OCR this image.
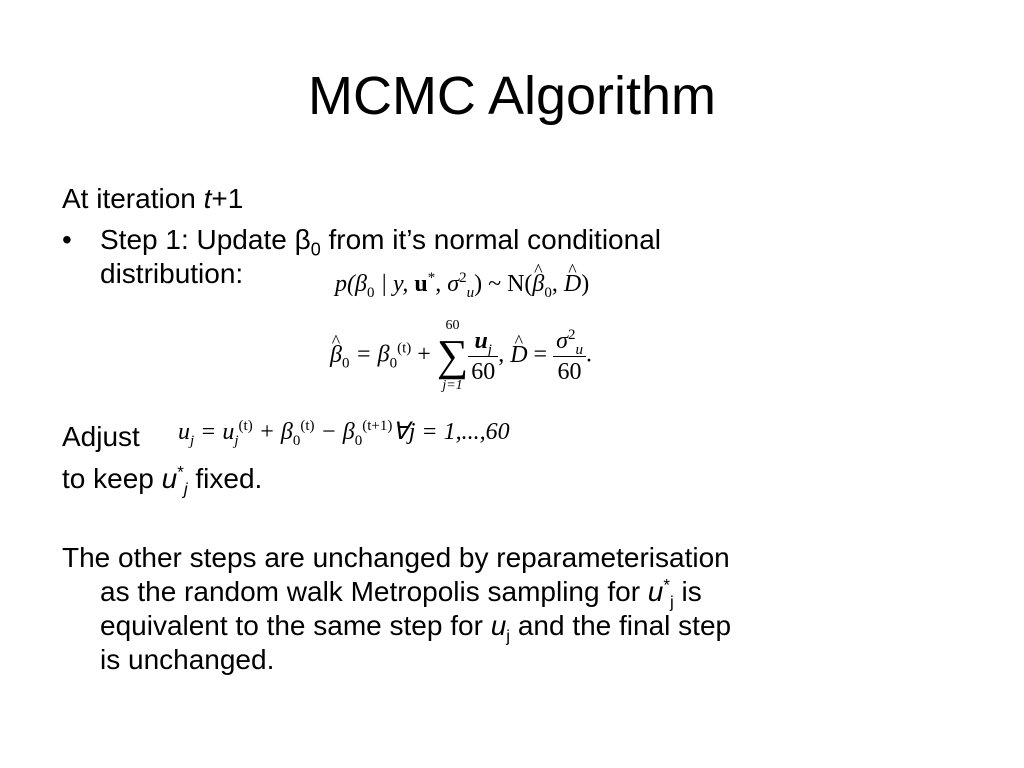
MCMC Algorithm
At iteration t+1
• Step 1: Update $\beta_0$ from it’s normal conditional
distribution:	$p(\beta_0$ | y, u*, $\sigma^2_u$) ~ N(^ $\beta_0$, ^ D)
^ $\beta_0 = \beta_0^{(t)} + 60$
∑
$j=1 \frac{u_j}{60}$ , ^ $D = \frac{\sigma^2_u}{60}$ .
Adjust $u_j = u_j^{(t)} + \beta_0^{(t)}$ − $\beta_0^{(t+1)}\forall j = 1,...,60$
to keep $u^*_j$ fixed.
The other steps are unchanged by reparameterisation
as the random walk Metropolis sampling for $u^*_j$ is
equivalent to the same step for $u_j$ and the final step
is unchanged.
